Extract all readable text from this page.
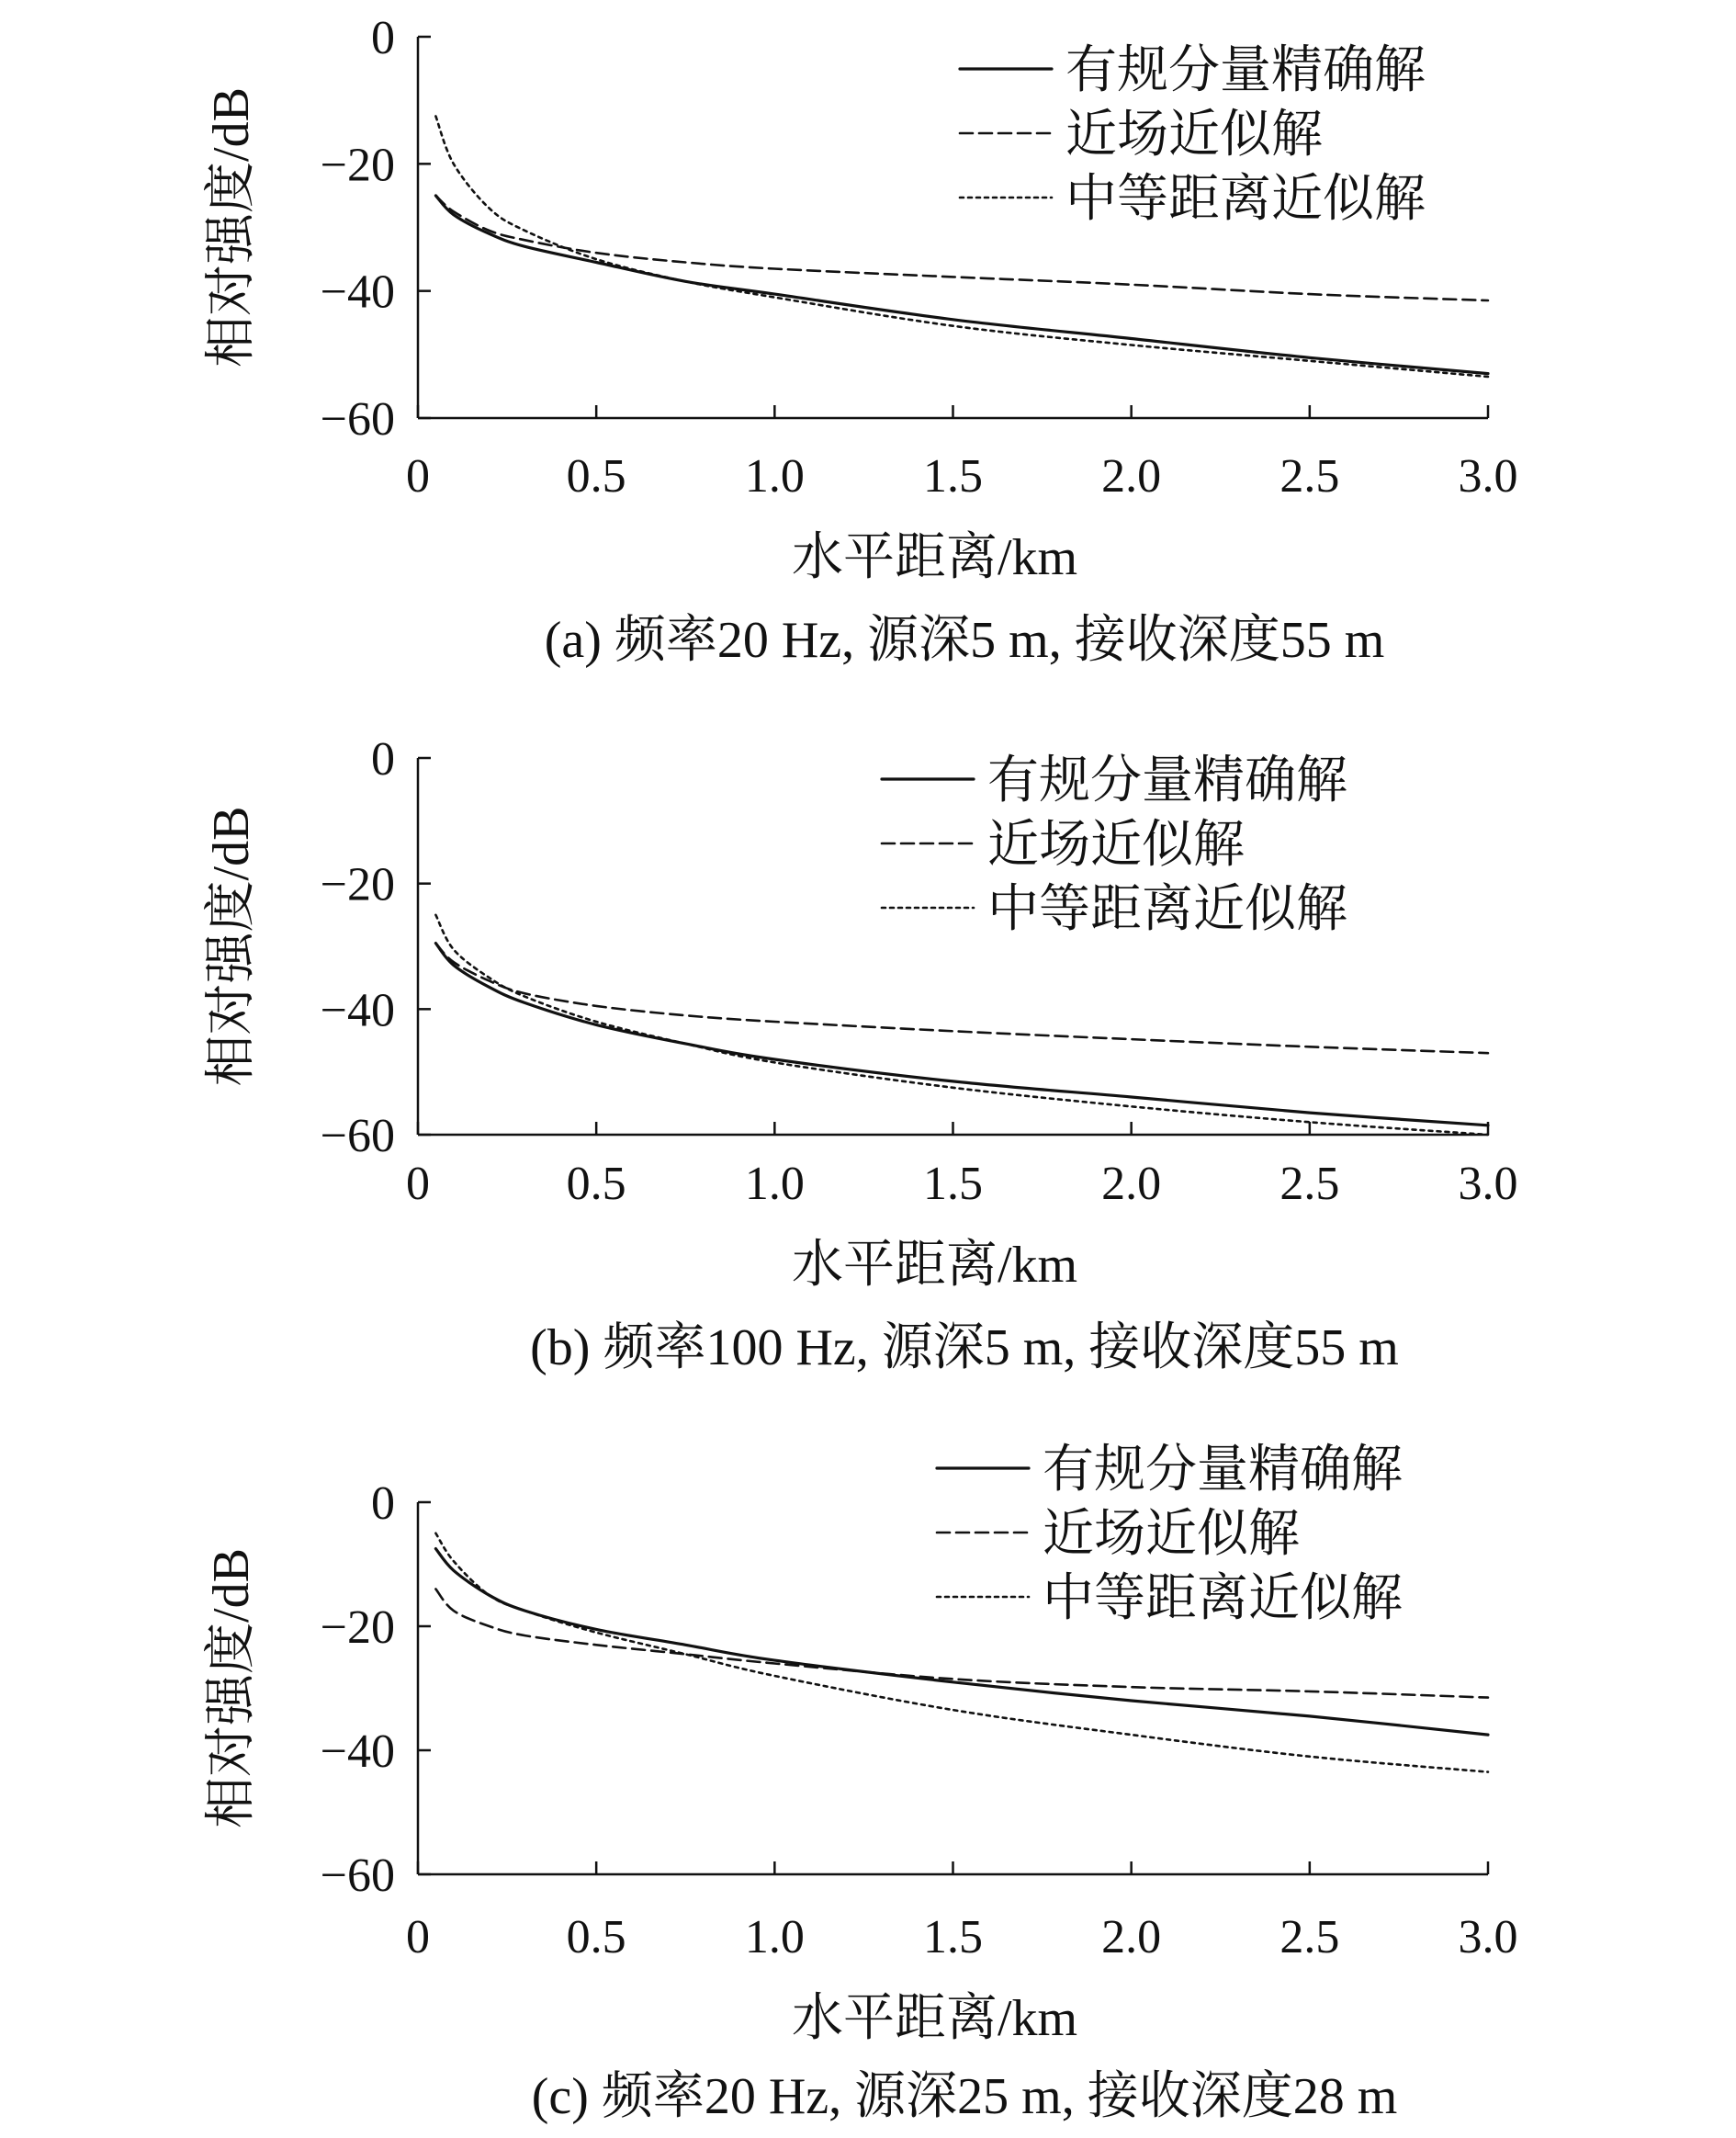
0	0.5 1.0 1.5 2.0 2.5 3.0
0
−20
−40
−60
水平距离/km
相对强度/dB
(a) 频率20 Hz, 源深5 m, 接收深度55 m
有规分量精确解
近场近似解
中等距离近似解
0	0.5 1.0 1.5 2.0 2.5 3.0
0
−20
−40
−60
水平距离/km
相对强度/dB
(b) 频率100 Hz, 源深5 m, 接收深度55 m
有规分量精确解
近场近似解
中等距离近似解
0	0.5 1.0 1.5 2.0 2.5 3.0
0
−20
−40
−60
水平距离/km
相对强度/dB
(c) 频率20 Hz, 源深25 m, 接收深度28 m
有规分量精确解
近场近似解
中等距离近似解
